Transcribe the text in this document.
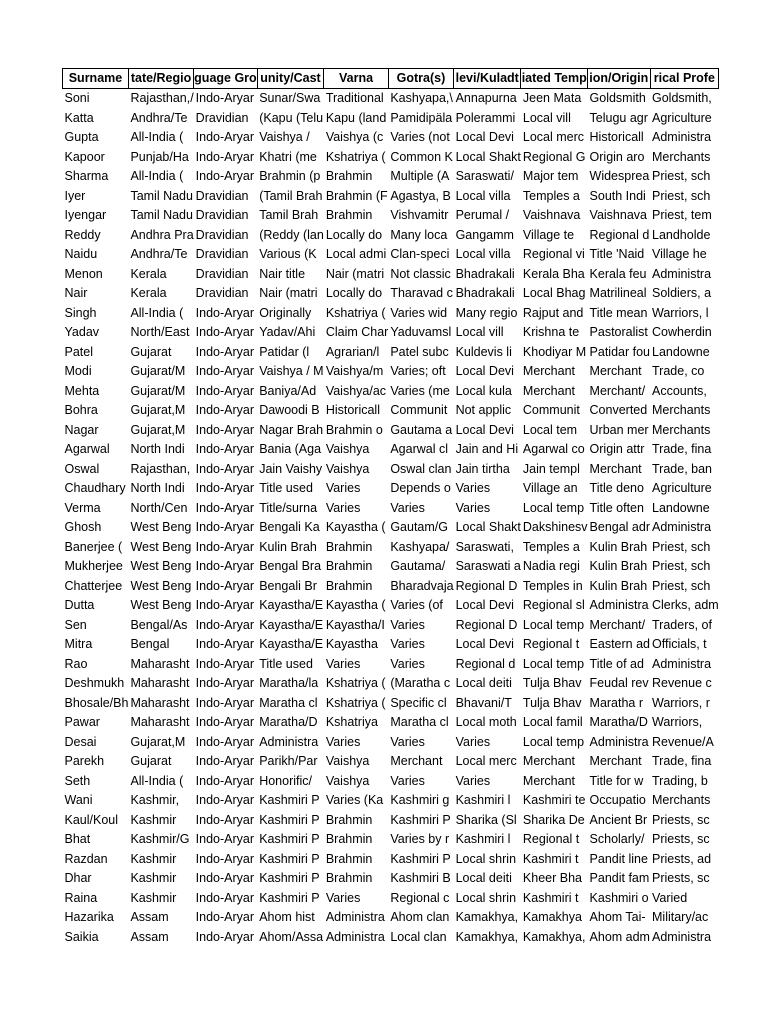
Surname	tate/Regio	guage Gro	unity/Cast	Varna	Gotra(s)	levi/Kuladt	iated Temp	ion/Origin	rical Profe
Soni	Rajasthan,/	Indo-Aryar	Sunar/Swa	Traditional	Kashyapa,\	Annapurna	Jeen Mata	Goldsmith	Goldsmith,
Katta	Andhra/Te	Dravidian	(Kapu (Telu	Kapu (land	Pamidipäla	Polerammi	Local vill	Telugu agr	Agriculture
Gupta	All-India (	Indo-Aryar	Vaishya /	Vaishya (c	Varies (not	Local Devi	Local merc	Historicall	Administra
Kapoor	Punjab/Ha	Indo-Aryar	Khatri (me	Kshatriya (	Common K	Local Shakt	Regional G	Origin aro	Merchants
Sharma	All-India (	Indo-Aryar	Brahmin (p	Brahmin	Multiple (A	Saraswati/	Major tem	Widesprea	Priest, sch
Iyer	Tamil Nadu	Dravidian	(Tamil Brah	Brahmin (F	Agastya, B	Local villa	Temples a	South Indi	Priest, sch
Iyengar	Tamil Nadu	Dravidian	Tamil Brah	Brahmin	Vishvamitr	Perumal /	Vaishnava	Vaishnava	Priest, tem
Reddy	Andhra Pra	Dravidian	(Reddy (lan	Locally do	Many loca	Gangamm	Village te	Regional d	Landholde
Naidu	Andhra/Te	Dravidian	Various (K	Local admi	Clan-speci	Local villa	Regional vi	Title 'Naid	Village he
Menon	Kerala	Dravidian	Nair title	Nair (matri	Not classic	Bhadrakali	Kerala Bha	Kerala feu	Administra
Nair	Kerala	Dravidian	Nair (matri	Locally do	Tharavad c	Bhadrakali	Local Bhag	Matrilineal	Soldiers, a
Singh	All-India (	Indo-Aryar	Originally	Kshatriya (	Varies wid	Many regio	Rajput and	Title mean	Warriors, l
Yadav	North/East	Indo-Aryar	Yadav/Ahi	Claim Char	Yaduvamsl	Local vill	Krishna te	Pastoralist	Cowherdin
Patel	Gujarat	Indo-Aryar	Patidar (l	Agrarian/l	Patel subc	Kuldevis li	Khodiyar M	Patidar fou	Landowne
Modi	Gujarat/M	Indo-Aryar	Vaishya / M	Vaishya/m	Varies; oft	Local Devi	Merchant	Merchant	Trade, co
Mehta	Gujarat/M	Indo-Aryar	Baniya/Ad	Vaishya/ac	Varies (me	Local kula	Merchant	Merchant/	Accounts,
Bohra	Gujarat,M	Indo-Aryar	Dawoodi B	Historicall	Communit	Not applic	Communit	Converted	Merchants
Nagar	Gujarat,M	Indo-Aryar	Nagar Brah	Brahmin o	Gautama a	Local Devi	Local tem	Urban mer	Merchants
Agarwal	North Indi	Indo-Aryar	Bania (Aga	Vaishya	Agarwal cl	Jain and Hi	Agarwal co	Origin attr	Trade, fina
Oswal	Rajasthan,	Indo-Aryar	Jain Vaishy	Vaishya	Oswal clan	Jain tirtha	Jain templ	Merchant	Trade, ban
Chaudhary	North Indi	Indo-Aryar	Title used	Varies	Depends o	Varies	Village an	Title deno	Agriculture
Verma	North/Cen	Indo-Aryar	Title/surna	Varies	Varies	Varies	Local temp	Title often	Landowne
Ghosh	West Beng	Indo-Aryar	Bengali Ka	Kayastha (	Gautam/G	Local Shakt	Dakshinesv	Bengal adr	Administra
Banerjee (	West Beng	Indo-Aryar	Kulin Brah	Brahmin	Kashyapa/	Saraswati,	Temples a	Kulin Brah	Priest, sch
Mukherjee	West Beng	Indo-Aryar	Bengal Bra	Brahmin	Gautama/	Saraswati a	Nadia regi	Kulin Brah	Priest, sch
Chatterjee	West Beng	Indo-Aryar	Bengali Br	Brahmin	Bharadvaja	Regional D	Temples in	Kulin Brah	Priest, sch
Dutta	West Beng	Indo-Aryar	Kayastha/E	Kayastha (	Varies (of	Local Devi	Regional sl	Administra	Clerks, adm
Sen	Bengal/As	Indo-Aryar	Kayastha/E	Kayastha/I	Varies	Regional D	Local temp	Merchant/	Traders, of
Mitra	Bengal	Indo-Aryar	Kayastha/E	Kayastha	Varies	Local Devi	Regional t	Eastern ad	Officials, t
Rao	Maharasht	Indo-Aryar	Title used	Varies	Varies	Regional d	Local temp	Title of ad	Administra
Deshmukh	Maharasht	Indo-Aryar	Maratha/la	Kshatriya (	(Maratha c	Local deiti	Tulja Bhav	Feudal rev	Revenue c
Bhosale/Bh	Maharasht	Indo-Aryar	Maratha cl	Kshatriya (	Specific cl	Bhavani/T	Tulja Bhav	Maratha r	Warriors, r
Pawar	Maharasht	Indo-Aryar	Maratha/D	Kshatriya	Maratha cl	Local moth	Local famil	Maratha/D	Warriors,
Desai	Gujarat,M	Indo-Aryar	Administra	Varies	Varies	Varies	Local temp	Administra	Revenue/A
Parekh	Gujarat	Indo-Aryar	Parikh/Par	Vaishya	Merchant	Local merc	Merchant	Merchant	Trade, fina
Seth	All-India (	Indo-Aryar	Honorific/	Vaishya	Varies	Varies	Merchant	Title for w	Trading, b
Wani	Kashmir,	Indo-Aryar	Kashmiri P	Varies (Ka	Kashmiri g	Kashmiri l	Kashmiri te	Occupatio	Merchants
Kaul/Koul	Kashmir	Indo-Aryar	Kashmiri P	Brahmin	Kashmiri P	Sharika (Sl	Sharika De	Ancient Br	Priests, sc
Bhat	Kashmir/G	Indo-Aryar	Kashmiri P	Brahmin	Varies by r	Kashmiri l	Regional t	Scholarly/	Priests, sc
Razdan	Kashmir	Indo-Aryar	Kashmiri P	Brahmin	Kashmiri P	Local shrin	Kashmiri t	Pandit line	Priests, ad
Dhar	Kashmir	Indo-Aryar	Kashmiri P	Brahmin	Kashmiri B	Local deiti	Kheer Bha	Pandit fam	Priests, sc
Raina	Kashmir	Indo-Aryar	Kashmiri P	Varies	Regional c	Local shrin	Kashmiri t	Kashmiri o	Varied
Hazarika	Assam	Indo-Aryar	Ahom hist	Administra	Ahom clan	Kamakhya,	Kamakhya	Ahom Tai-	Military/ac
Saikia	Assam	Indo-Aryar	Ahom/Assa	Administra	Local clan	Kamakhya,	Kamakhya,	Ahom adm	Administra
